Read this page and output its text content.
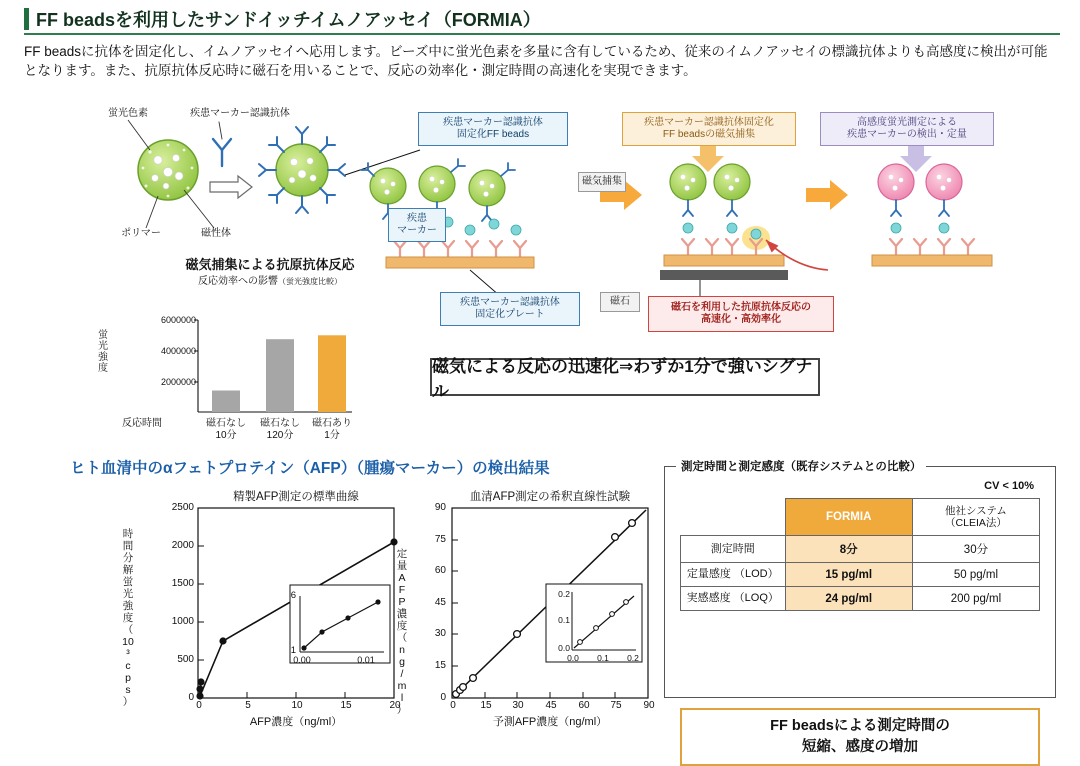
FF beadsを利用したサンドイッチイムノアッセイ（FORMIA）
FF beadsに抗体を固定化し、イムノアッセイへ応用します。ビーズ中に蛍光色素を多量に含有しているため、従来のイムノアッセイの標識抗体よりも高感度に検出が可能となります。また、抗原抗体反応時に磁石を用いることで、反応の効率化・測定時間の高速化を実現できます。
蛍光色素	疾患マーカー認識抗体
ポリマー	磁性体
疾患マーカー認識抗体
固定化FF beads
疾患
マーカー
疾患マーカー認識抗体
固定化プレート
磁気捕集
磁石
疾患マーカー認識抗体固定化
FF beadsの磁気捕集
高感度蛍光測定による
疾患マーカーの検出・定量
磁石を利用した抗原抗体反応の
高速化・高効率化
磁気捕集による抗原抗体反応
反応効率への影響（蛍光強度比較）
6000000
4000000
2000000
蛍
光
強
度
反応時間	磁石なし 10分
磁石なし 120分
磁石あり 1分
磁気による反応の迅速化⇒わずか1分で強いシグナル
ヒト血清中のαフェトプロテイン（AFP）（腫瘍マーカー）の検出結果
精製AFP測定の標準曲線
2500
2000
1500
1000
500
0
0	5	10	15	20
AFP濃度（ng/ml）
時
間
分
解
蛍
光
強
度
（
10
³
c
p
s
）
6
1
0.00	0.01
血清AFP測定の希釈直線性試験
90
75
60
45
30
15
0
0	15	30	45	60	75	90
予測AFP濃度（ng/ml）
定
量
A
F
P
濃
度
（
n
g
/
m
l
）
0.2
0.1
0.0
0.0	0.1	0.2
測定時間と測定感度（既存システムとの比較）
CV < 10%
	FORMIA	他社システム （CLEIA法）
測定時間	8分	30分
定量感度 （LOD）	15 pg/ml	50 pg/ml
実感感度 （LOQ）	24 pg/ml	200 pg/ml
FF beadsによる測定時間の
短縮、感度の増加
